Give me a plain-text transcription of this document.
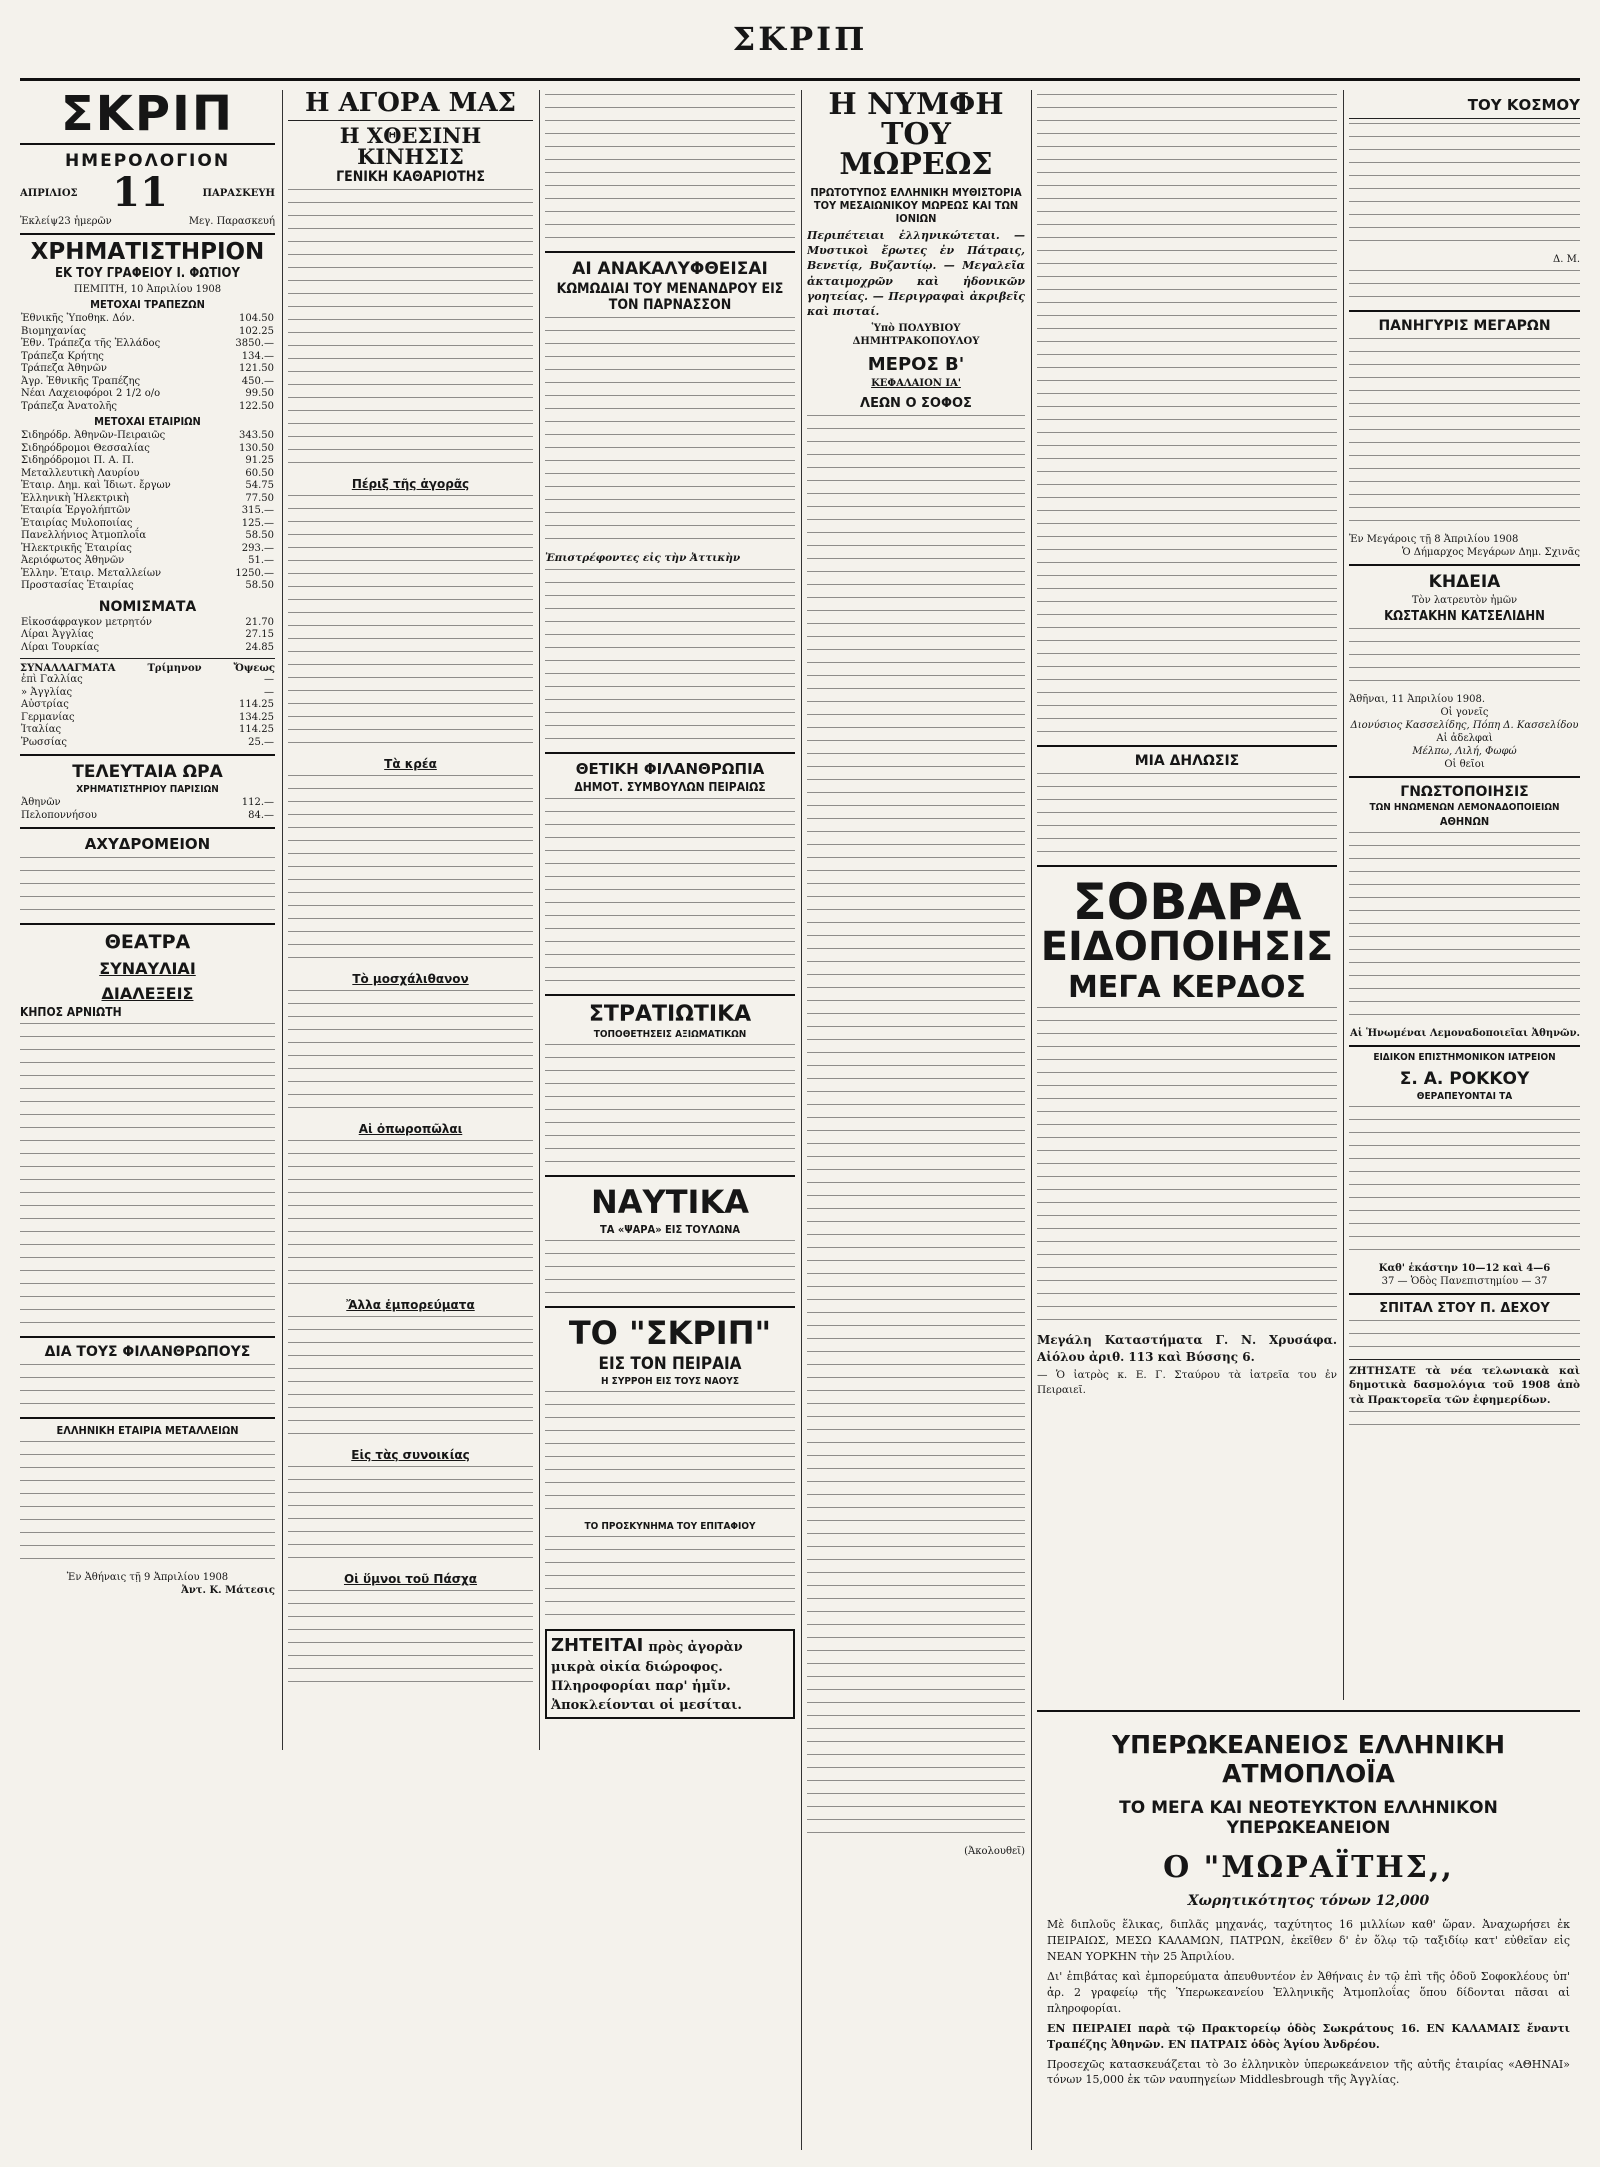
ΣΚΡΙΠ
ΣΚΡΙΠ
ΗΜΕΡΟΛΟΓΙΟΝ
ΑΠΡΙΛΙΟΣ 11	ΠΑΡΑΣΚΕΥΗ
Ἐκλείψ23 ἡμερῶν	Μεγ. Παρασκευή
ΧΡΗΜΑΤΙΣΤΗΡΙΟΝ
ΕΚ ΤΟΥ ΓΡΑΦΕΙΟΥ Ι. ΦΩΤΙΟΥ
ΠΕΜΠΤΗ, 10 Ἀπριλίου 1908
ΜΕΤΟΧΑΙ ΤΡΑΠΕΖΩΝ
Ἐθνικῆς Ὑποθηκ. Δόν.	104.50
Βιομηχανίας	102.25
Ἐθν. Τράπεζα τῆς Ἑλλάδος	3850.—
Τράπεζα Κρήτης	134.—
Τράπεζα Ἀθηνῶν	121.50
Ἀγρ. Ἐθνικῆς Τραπέζης	450.—
Νέαι Λαχειοφόροι 2 1/2 ο/ο	99.50
Τράπεζα Ἀνατολῆς	122.50
ΜΕΤΟΧΑΙ ΕΤΑΙΡΙΩΝ
Σιδηρόδρ. Ἀθηνῶν-Πειραιῶς	343.50
Σιδηρόδρομοι Θεσσαλίας	130.50
Σιδηρόδρομοι Π. Α. Π.	91.25
Μεταλλευτικὴ Λαυρίου	60.50
Ἑταιρ. Δημ. καὶ Ἰδιωτ. ἔργων	54.75
Ἑλληνικὴ Ἠλεκτρικὴ	77.50
Ἑταιρία Ἐργολήπτῶν	315.—
Ἑταιρίας Μυλοποιίας	125.—
Πανελλήνιος Ἀτμοπλοΐα	58.50
Ἠλεκτρικῆς Ἑταιρίας	293.—
Ἀεριόφωτος Ἀθηνῶν	51.—
Ἑλλην. Ἑταιρ. Μεταλλείων	1250.—
Προστασίας Ἑταιρίας	58.50
ΝΟΜΙΣΜΑΤΑ
Εἰκοσάφραγκον μετρητόν	21.70
Λίραι Ἀγγλίας	27.15
Λίραι Τουρκίας	24.85
ΣΥΝΑΛΛΑΓΜΑΤΑ	Τρίμηνον	Ὄψεως
ἐπὶ Γαλλίας	—
» Ἀγγλίας	—
Αὐστρίας	114.25
Γερμανίας	134.25
Ἰταλίας	114.25
Ῥωσσίας	25.—
ΤΕΛΕΥΤΑΙΑ ΩΡΑ
ΧΡΗΜΑΤΙΣΤΗΡΙΟΥ ΠΑΡΙΣΙΩΝ
Ἀθηνῶν	112.—
Πελοποννήσου	84.—
ΑΧΥΔΡΟΜΕΙΟΝ
ΘΕΑΤΡΑ
ΣΥΝΑΥΛΙΑΙ
ΔΙΑΛΕΞΕΙΣ
ΚΗΠΟΣ ΑΡΝΙΩΤΗ
ΔΙΑ ΤΟΥΣ ΦΙΛΑΝΘΡΩΠΟΥΣ
ΕΛΛΗΝΙΚΗ ΕΤΑΙΡΙΑ ΜΕΤΑΛΛΕΙΩΝ
Ἐν Ἀθήναις τῇ 9 Ἀπριλίου 1908
Ἀντ. Κ. Μάτεσις
Η ΑΓΟΡΑ ΜΑΣ
Η ΧΘΕΣΙΝΗ ΚΙΝΗΣΙΣ
ΓΕΝΙΚΗ ΚΑΘΑΡΙΟΤΗΣ
Πέριξ τῆς ἀγορᾶς
Τὰ κρέα
Τὸ μοσχάλιθανον
Αἱ ὀπωροπῶλαι
Ἄλλα ἐμπορεύματα
Εἰς τὰς συνοικίας
Οἱ ὕμνοι τοῦ Πάσχα
ΑΙ ΑΝΑΚΑΛΥΦΘΕΙΣΑΙ
ΚΩΜΩΔΙΑΙ ΤΟΥ ΜΕΝΑΝΔΡΟΥ ΕΙΣ ΤΟΝ ΠΑΡΝΑΣΣΟΝ
Ἐπιστρέφοντες εἰς τὴν Ἀττικὴν
ΘΕΤΙΚΗ ΦΙΛΑΝΘΡΩΠΙΑ
ΔΗΜΟΤ. ΣΥΜΒΟΥΛΩΝ ΠΕΙΡΑΙΩΣ
ΣΤΡΑΤΙΩΤΙΚΑ
ΤΟΠΟΘΕΤΗΣΕΙΣ ΑΞΙΩΜΑΤΙΚΩΝ
ΝΑΥΤΙΚΑ
ΤΑ «ΨΑΡΑ» ΕΙΣ ΤΟΥΛΩΝΑ
ΤΟ "ΣΚΡΙΠ"
ΕΙΣ ΤΟΝ ΠΕΙΡΑΙΑ
Η ΣΥΡΡΟΗ ΕΙΣ ΤΟΥΣ ΝΑΟΥΣ
ΤΟ ΠΡΟΣΚΥΝΗΜΑ ΤΟΥ ΕΠΙΤΑΦΙΟΥ
ΖΗΤΕΙΤΑΙ πρὸς ἀγορὰν μικρὰ οἰκία διώροφος. Πληροφορίαι παρ' ἡμῖν. Ἀποκλείονται οἱ μεσίται.
Η ΝΥΜΦΗ
ΤΟΥ ΜΩΡΕΩΣ
ΠΡΩΤΟΤΥΠΟΣ ΕΛΛΗΝΙΚΗ ΜΥΘΙΣΤΟΡΙΑ ΤΟΥ ΜΕΣΑΙΩΝΙΚΟΥ ΜΩΡΕΩΣ ΚΑΙ ΤΩΝ ΙΟΝΙΩΝ
Περιπέτειαι ἐλληνικώτεται. — Μυστικοὶ ἔρωτες ἐν Πάτραις, Βενετίᾳ, Βυζαντίῳ. — Μεγαλεῖα ἀκταιμοχρῶν καὶ ἡδονικῶν γοητείας. — Περιγραφαὶ ἀκριβεῖς καὶ πισταί.
Ὑπὸ ΠΟΛΥΒΙΟΥ ΔΗΜΗΤΡΑΚΟΠΟΥΛΟΥ
ΜΕΡΟΣ Β'
ΚΕΦΑΛΑΙΟΝ ΙΑ'
ΛΕΩΝ Ο ΣΟΦΟΣ
(Ἀκολουθεῖ)
ΜΙΑ ΔΗΛΩΣΙΣ
ΣΟΒΑΡΑ
ΕΙΔΟΠΟΙΗΣΙΣ
ΜΕΓΑ ΚΕΡΔΟΣ
Μεγάλη Καταστήματα Γ. Ν. Χρυσάφα. Αἰόλου ἀριθ. 113 καὶ Βύσσης 6.
— Ὁ ἰατρὸς κ. Ε. Γ. Σταύρου τὰ ἰατρεῖα του ἐν Πειραιεῖ.
ΤΟΥ ΚΟΣΜΟΥ
Δ. Μ.
ΠΑΝΗΓΥΡΙΣ ΜΕΓΑΡΩΝ
Ἐν Μεγάροις τῇ 8 Ἀπριλίου 1908
Ὁ Δήμαρχος Μεγάρων Δημ. Σχινᾶς
ΚΗΔΕΙΑ
Τὸν λατρευτὸν ἡμῶν
ΚΩΣΤΑΚΗΝ ΚΑΤΣΕΛΙΔΗΝ
Ἀθῆναι, 11 Ἀπριλίου 1908.
Οἱ γονεῖς
Διονύσιος Κασσελίδης, Πόπη Δ. Κασσελίδου
Αἱ ἀδελφαὶ
Μέλπω, Λιλή, Φωφώ
Οἱ θεῖοι
ΓΝΩΣΤΟΠΟΙΗΣΙΣ
ΤΩΝ ΗΝΩΜΕΝΩΝ ΛΕΜΟΝΑΔΟΠΟΙΕΙΩΝ
ΑΘΗΝΩΝ
Αἱ Ἡνωμέναι Λεμοναδοποιεῖαι Ἀθηνῶν.
ΕΙΔΙΚΟΝ ΕΠΙΣΤΗΜΟΝΙΚΟΝ ΙΑΤΡΕΙΟΝ
Σ. Α. ΡΟΚΚΟΥ
ΘΕΡΑΠΕΥΟΝΤΑΙ ΤΑ
Καθ' ἑκάστην 10—12 καὶ 4—6
37 — Ὁδὸς Πανεπιστημίου — 37
ΣΠΙΤΑΛ ΣΤΟΥ Π. ΔΕΧΟΥ
ΖΗΤΗΣΑΤΕ τὰ νέα τελωνιακὰ καὶ δημοτικὰ δασμολόγια τοῦ 1908 ἀπὸ τὰ Πρακτορεῖα τῶν ἐφημερίδων.
ΥΠΕΡΩΚΕΑΝΕΙΟΣ ΕΛΛΗΝΙΚΗ ΑΤΜΟΠΛΟΪΑ
ΤΟ ΜΕΓΑ ΚΑΙ ΝΕΟΤΕΥΚΤΟΝ ΕΛΛΗΝΙΚΟΝ ΥΠΕΡΩΚΕΑΝΕΙΟΝ
Ο "ΜΩΡΑΪΤΗΣ,,
Χωρητικότητος τόνων 12,000
Μὲ διπλοῦς ἕλικας, διπλᾶς μηχανάς, ταχύτητος 16 μιλλίων καθ' ὥραν. Ἀναχωρήσει ἐκ ΠΕΙΡΑΙΩΣ, ΜΕΣΩ ΚΑΛΑΜΩΝ, ΠΑΤΡΩΝ, ἐκεῖθεν δ' ἐν ὅλῳ τῷ ταξιδίῳ κατ' εὐθεῖαν εἰς ΝΕΑΝ ΥΟΡΚΗΝ τὴν 25 Ἀπριλίου.
Δι' ἐπιβάτας καὶ ἐμπορεύματα ἀπευθυντέον ἐν Ἀθήναις ἐν τῷ ἐπὶ τῆς ὁδοῦ Σοφοκλέους ὑπ' ἀρ. 2 γραφείῳ τῆς Ὑπερωκεανείου Ἑλληνικῆς Ἀτμοπλοΐας ὅπου δίδονται πᾶσαι αἱ πληροφορίαι.
ΕΝ ΠΕΙΡΑΙΕΙ παρὰ τῷ Πρακτορείῳ ὁδὸς Σωκράτους 16. ΕΝ ΚΑΛΑΜΑΙΣ ἔναντι Τραπέζης Ἀθηνῶν. ΕΝ ΠΑΤΡΑΙΣ ὁδὸς Ἁγίου Ἀνδρέου.
Προσεχῶς κατασκευάζεται τὸ 3ο ἑλληνικὸν ὑπερωκεάνειον τῆς αὐτῆς ἑταιρίας «ΑΘΗΝΑΙ» τόνων 15,000 ἐκ τῶν ναυπηγείων Middlesbrough τῆς Ἀγγλίας.
